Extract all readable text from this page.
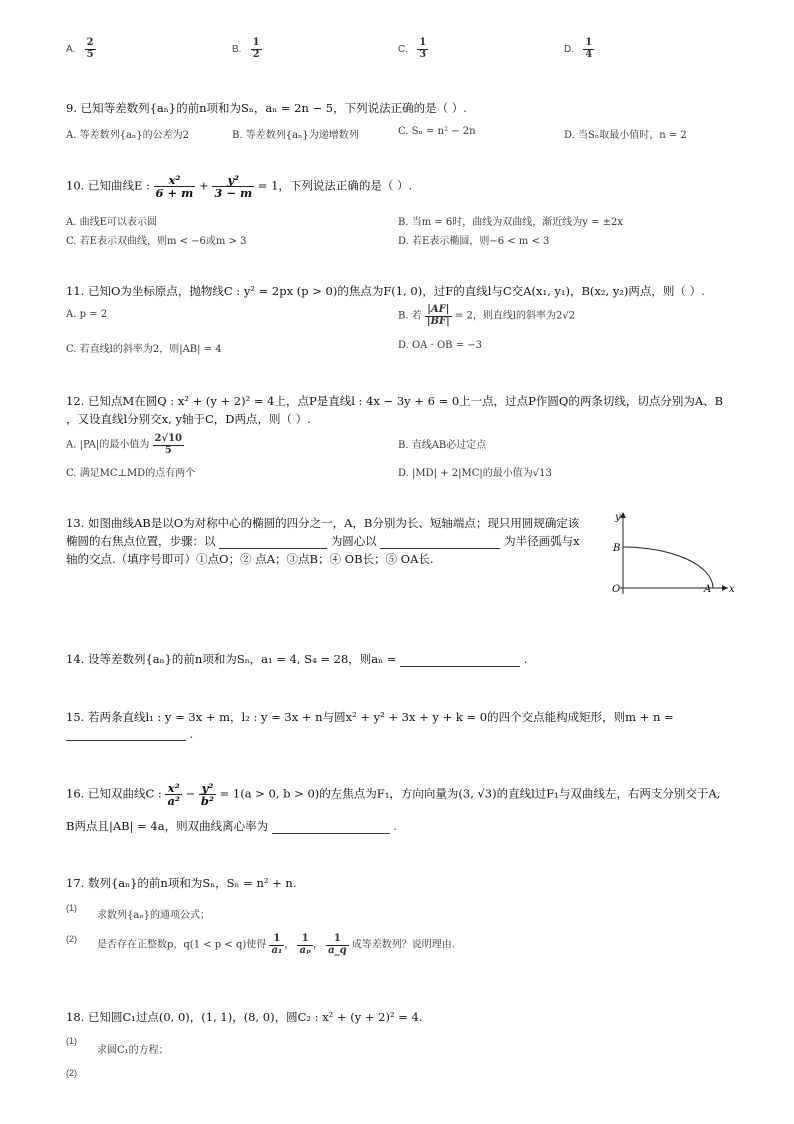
A. $\frac{2}{5}$	B. $\frac{1}{2}$	C. $\frac{1}{3}$	D. $\frac{1}{4}$
9. 已知等差数列{aₙ}的前n项和为Sₙ，aₙ = 2n − 5，下列说法正确的是（ ）.
A. 等差数列{aₙ}的公差为2	B. 等差数列{aₙ}为递增数列	C. Sₙ = n² − 2n	D. 当Sₙ取最小值时，n = 2
10. 已知曲线E : $\frac{\text{x²}}{6 + m} + \frac{\text{y²}}{3 - m} = 1$，下列说法正确的是（ ）.
A. 曲线E可以表示圆	B. 当m = 6时，曲线为双曲线，渐近线为y = ±2x
C. 若E表示双曲线，则m < −6或m > 3	D. 若E表示椭圆，则−6 < m < 3
11. 已知O为坐标原点，抛物线C : y² = 2px (p > 0)的焦点为F(1, 0)，过F的直线l与C交A(x₁, y₁)，B(x₂, y₂)两点，则（ ）.
A. p = 2	B. 若 $\frac{|AF|}{|BF|} = 2$，则直线l的斜率为2√2
C. 若直线l的斜率为2，则|AB| = 4	D. OA · OB = −3
12. 已知点M在圆Q : x² + (y + 2)² = 4上，点P是直线l : 4x − 3y + 6 = 0上一点，过点P作圆Q的两条切线，切点分别为A、B
，又设直线l分别交x, y轴于C，D两点，则（ ）.
A. |PA|的最小值为 $\frac{2√10}{5}$	B. 直线AB必过定点
C. 满足MC⊥MD的点有两个	D. |MD| + 2|MC|的最小值为√13
13. 如图曲线AB是以O为对称中心的椭圆的四分之一，A，B分别为长、短轴端点；现只用圆规确定该
椭圆的右焦点位置，步骤：以	为圆心以	为半径画弧与x
轴的交点.（填序号即可）①点O；② 点A；③点B；④ OB长；⑤ OA长.
y
x
B
O	A
14. 设等差数列{aₙ}的前n项和为Sₙ，a₁ = 4, S₄ = 28，则aₙ =	.
15. 若两条直线l₁ : y = 3x + m，l₂ : y = 3x + n与圆x² + y² + 3x + y + k = 0的四个交点能构成矩形，则m + n =
.
16. 已知双曲线C : $\frac{\text{x²}}{\text{a²}} - \frac{\text{y²}}{\text{b²}} = 1(a > 0$, b > 0)的左焦点为F₁，方向向量为(3, √3)的直线l过F₁与双曲线左，右两支分别交于A,
B两点且|AB| = 4a，则双曲线离心率为	.
17. 数列{aₙ}的前n项和为Sₙ，Sₙ = n² + n.
(1)
求数列{aₙ}的通项公式；
(2)
是否存在正整数p，q(1 < p < q)使得 $\frac{1}{\text{a₁}}$ ， $\frac{1}{\text{aₚ}}$ ， $\frac{1}{a\_q}$ 成等差数列？说明理由.
18. 已知圆C₁过点(0, 0)，(1, 1)，(8, 0)，圆C₂ : x² + (y + 2)² = 4.
(1)
求圆C₁的方程；
(2)
